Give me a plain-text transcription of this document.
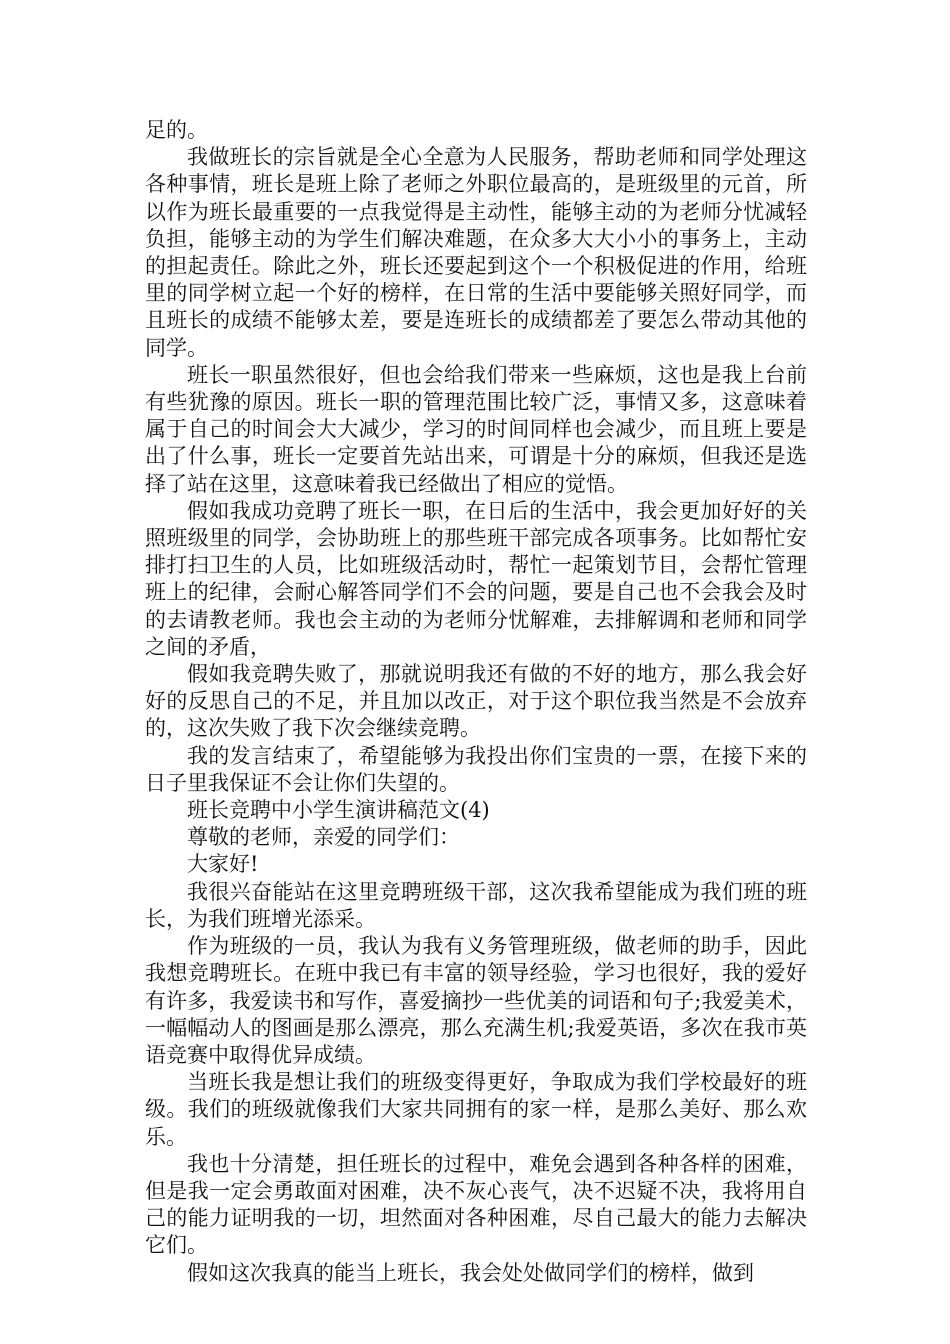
足的。

我做班长的宗旨就是全心全意为人民服务，帮助老师和同学处理这各种事情，班长是班上除了老师之外职位最高的，是班级里的元首，所以作为班长最重要的一点我觉得是主动性，能够主动的为老师分忧减轻负担，能够主动的为学生们解决难题，在众多大大小小的事务上，主动的担起责任。除此之外，班长还要起到这个一个积极促进的作用，给班里的同学树立起一个好的榜样，在日常的生活中要能够关照好同学，而且班长的成绩不能够太差，要是连班长的成绩都差了要怎么带动其他的同学。

班长一职虽然很好，但也会给我们带来一些麻烦，这也是我上台前有些犹豫的原因。班长一职的管理范围比较广泛，事情又多，这意味着属于自己的时间会大大减少，学习的时间同样也会减少，而且班上要是出了什么事，班长一定要首先站出来，可谓是十分的麻烦，但我还是选择了站在这里，这意味着我已经做出了相应的觉悟。

假如我成功竞聘了班长一职，在日后的生活中，我会更加好好的关照班级里的同学，会协助班上的那些班干部完成各项事务。比如帮忙安排打扫卫生的人员，比如班级活动时，帮忙一起策划节目，会帮忙管理班上的纪律，会耐心解答同学们不会的问题，要是自己也不会我会及时的去请教老师。我也会主动的为老师分忧解难，去排解调和老师和同学之间的矛盾，

假如我竞聘失败了，那就说明我还有做的不好的地方，那么我会好好的反思自己的不足，并且加以改正，对于这个职位我当然是不会放弃的，这次失败了我下次会继续竞聘。

我的发言结束了，希望能够为我投出你们宝贵的一票，在接下来的日子里我保证不会让你们失望的。

班长竞聘中小学生演讲稿范文(4)

尊敬的老师，亲爱的同学们：

大家好!

我很兴奋能站在这里竞聘班级干部，这次我希望能成为我们班的班长，为我们班增光添采。

作为班级的一员，我认为我有义务管理班级，做老师的助手，因此我想竞聘班长。在班中我已有丰富的领导经验，学习也很好，我的爱好有许多，我爱读书和写作，喜爱摘抄一些优美的词语和句子;我爱美术，一幅幅动人的图画是那么漂亮，那么充满生机;我爱英语，多次在我市英语竞赛中取得优异成绩。

当班长我是想让我们的班级变得更好，争取成为我们学校最好的班级。我们的班级就像我们大家共同拥有的家一样，是那么美好、那么欢乐。

我也十分清楚，担任班长的过程中，难免会遇到各种各样的困难，但是我一定会勇敢面对困难，决不灰心丧气，决不迟疑不决，我将用自己的能力证明我的一切，坦然面对各种困难，尽自己最大的能力去解决它们。

假如这次我真的能当上班长，我会处处做同学们的榜样，做到
